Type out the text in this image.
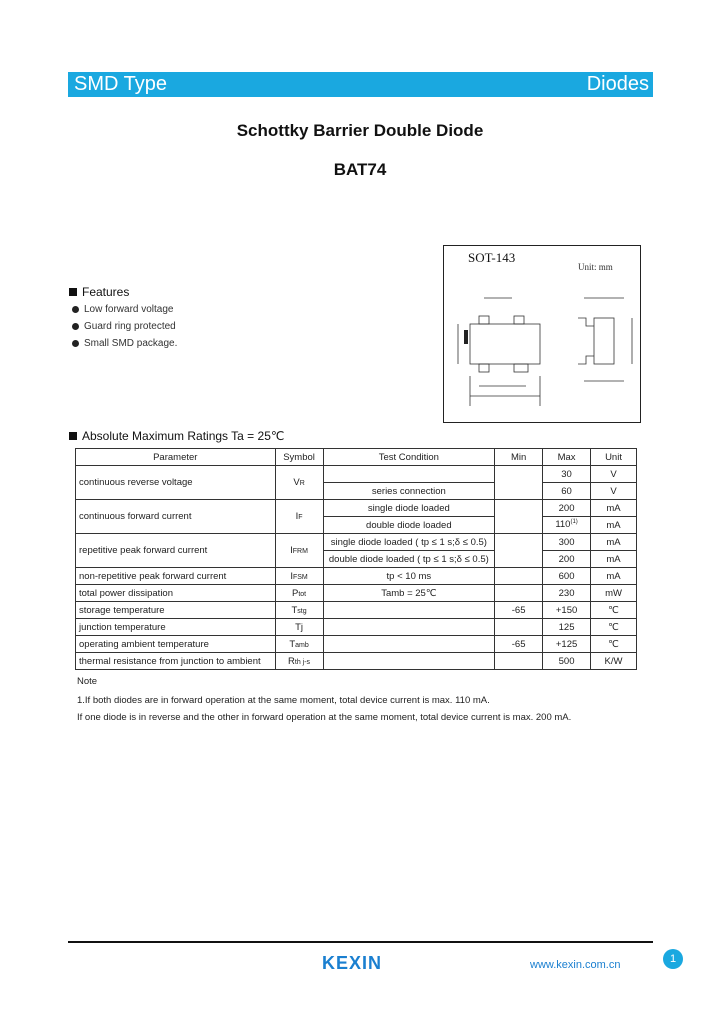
SMD Type	Diodes
Schottky Barrier Double Diode
BAT74
SOT-143
Unit: mm
Features
Low forward voltage
Guard ring protected
Small SMD package.
Absolute Maximum Ratings Ta = 25℃
Parameter	Symbol	Test Condition	Min	Max	Unit
continuous reverse voltage	VR			30	V
		series connection		60	V
continuous forward current	IF	single diode loaded		200	mA
		double diode loaded		110$^{(1)}$	mA
repetitive peak forward current	IFRM	single diode loaded ( tp ≤ 1 s;δ ≤ 0.5)		300	mA
		double diode loaded ( tp ≤ 1 s;δ ≤ 0.5)		200	mA
non-repetitive peak forward current	IFSM	tp < 10 ms		600	mA
total power dissipation	Ptot	Tamb = 25℃		230	mW
storage temperature	Tstg		-65	+150	℃
junction temperature	Tj			125	℃
operating ambient temperature	Tamb		-65	+125	℃
thermal resistance from junction to ambient	Rth j-s			500	K/W
Note
1.If both diodes are in forward operation at the same moment, total device current is max. 110 mA.
If one diode is in reverse and the other in forward operation at the same moment, total device current is max. 200 mA.
KEXIN	www.kexin.com.cn	1
